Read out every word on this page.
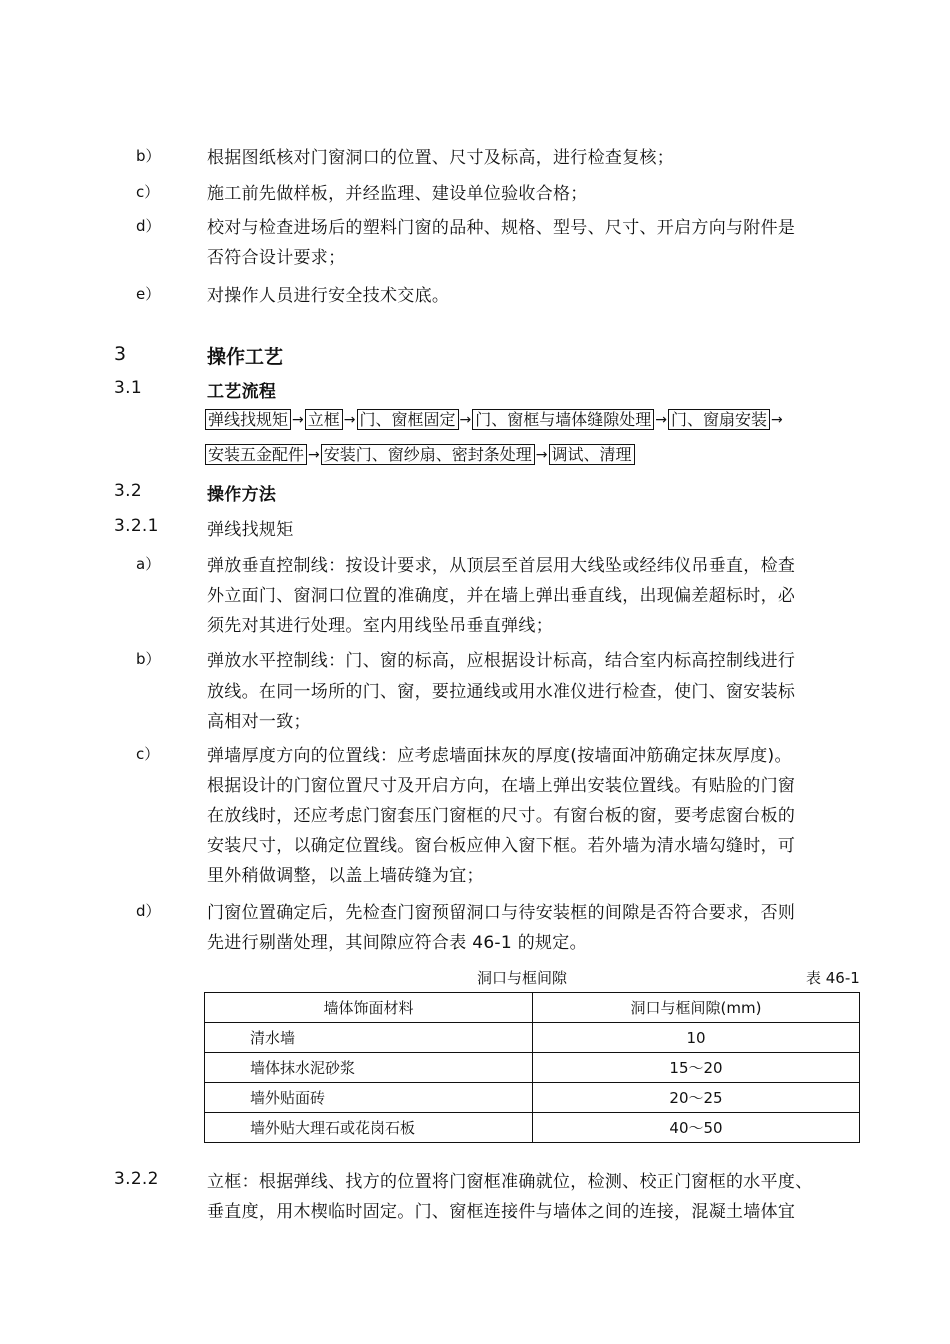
b）	根据图纸核对门窗洞口的位置、尺寸及标高，进行检查复核；
c）	施工前先做样板，并经监理、建设单位验收合格；
d）	校对与检查进场后的塑料门窗的品种、规格、型号、尺寸、开启方向与附件是
否符合设计要求；
e）	对操作人员进行安全技术交底。
3	操作工艺
3.1	工艺流程
弹线找规矩 → 立框 → 门、窗框固定 → 门、窗框与墙体缝隙处理 → 门、窗扇安装 →
安装五金配件 → 安装门、窗纱扇、密封条处理 → 调试、清理
3.2	操作方法
3.2.1	弹线找规矩
a）	弹放垂直控制线：按设计要求，从顶层至首层用大线坠或经纬仪吊垂直，检查
外立面门、窗洞口位置的准确度，并在墙上弹出垂直线，出现偏差超标时，必
须先对其进行处理。室内用线坠吊垂直弹线；
b）	弹放水平控制线：门、窗的标高，应根据设计标高，结合室内标高控制线进行
放线。在同一场所的门、窗，要拉通线或用水准仪进行检查，使门、窗安装标
高相对一致；
c）	弹墙厚度方向的位置线：应考虑墙面抹灰的厚度(按墙面冲筋确定抹灰厚度)。
根据设计的门窗位置尺寸及开启方向，在墙上弹出安装位置线。有贴脸的门窗
在放线时，还应考虑门窗套压门窗框的尺寸。有窗台板的窗，要考虑窗台板的
安装尺寸，以确定位置线。窗台板应伸入窗下框。若外墙为清水墙勾缝时，可
里外稍做调整，以盖上墙砖缝为宜；
d）	门窗位置确定后，先检查门窗预留洞口与待安装框的间隙是否符合要求，否则
先进行剔凿处理，其间隙应符合表 46-1 的规定。
洞口与框间隙	表 46-1
墙体饰面材料	洞口与框间隙(mm)
清水墙	10
墙体抹水泥砂浆	15～20
墙外贴面砖	20～25
墙外贴大理石或花岗石板	40～50
3.2.2	立框：根据弹线、找方的位置将门窗框准确就位，检测、校正门窗框的水平度、
垂直度，用木楔临时固定。门、窗框连接件与墙体之间的连接，混凝土墙体宜
